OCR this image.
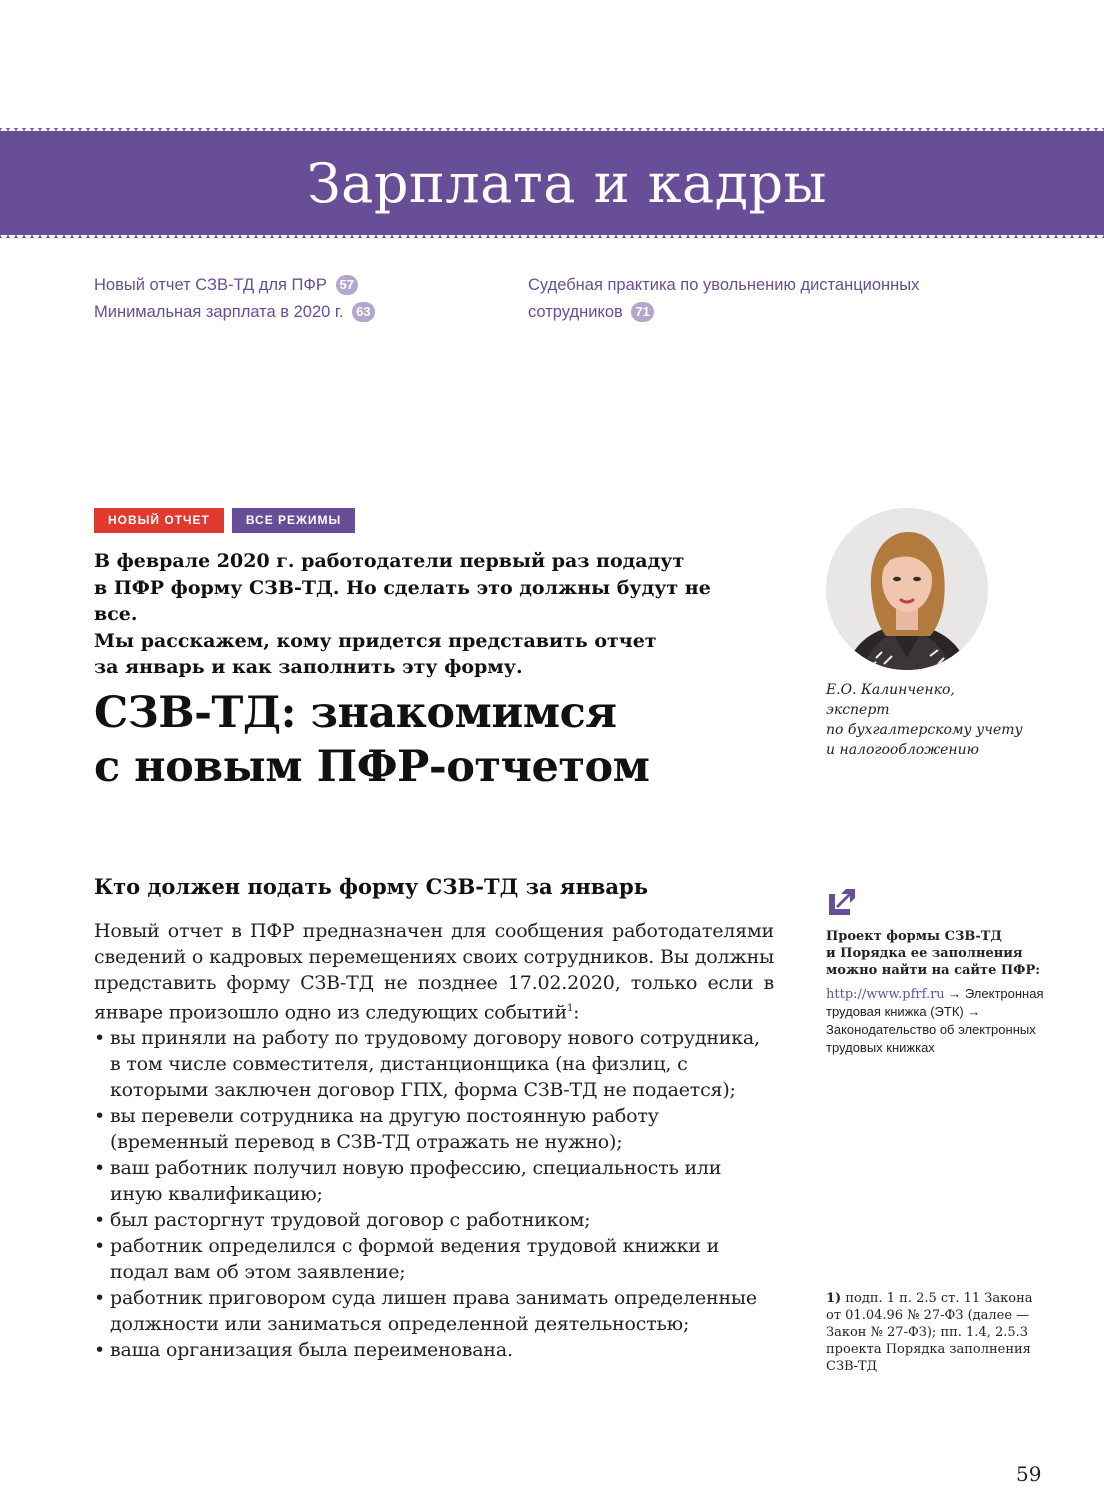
Зарплата и кадры
Новый отчет СЗВ-ТД для ПФР 57
Минимальная зарплата в 2020 г. 63
Судебная практика по увольнению дистанционных
сотрудников 71
НОВЫЙ ОТЧЕТ	ВСЕ РЕЖИМЫ
В феврале 2020 г. работодатели первый раз подадут
в ПФР форму СЗВ-ТД. Но сделать это должны будут не все.
Мы расскажем, кому придется представить отчет
за январь и как заполнить эту форму.
СЗВ-ТД: знакомимся
с новым ПФР-отчетом
Е.О. Калинченко,
эксперт
по бухгалтерскому учету
и налогообложению
Кто должен подать форму СЗВ-ТД за январь

Новый отчет в ПФР предназначен для сообщения работодателями сведений о кадровых перемещениях своих сотрудников. Вы должны представить форму СЗВ-ТД не позднее 17.02.2020, только если в январе произошло одно из следующих событий$^1$:

• вы приняли на работу по трудовому договору нового сотрудника, в том числе совместителя, дистанционщика (на физлиц, с которыми заключен договор ГПХ, форма СЗВ-ТД не подается);
• вы перевели сотрудника на другую постоянную работу (временный перевод в СЗВ-ТД отражать не нужно);
• ваш работник получил новую профессию, специальность или иную квалификацию;
• был расторгнут трудовой договор с работником;
• работник определился с формой ведения трудовой книжки и подал вам об этом заявление;
• работник приговором суда лишен права занимать определенные должности или заниматься определенной деятельностью;
• ваша организация была переименована.
Проект формы СЗВ-ТД
и Порядка ее заполнения
можно найти на сайте ПФР:
http://www.pfrf.ru → Электронная трудовая книжка (ЭТК) → Законодательство об электронных трудовых книжках
1) подп. 1 п. 2.5 ст. 11 Закона от 01.04.96 № 27-ФЗ (далее — Закон № 27-ФЗ); пп. 1.4, 2.5.3 проекта Порядка заполнения СЗВ-ТД
59
